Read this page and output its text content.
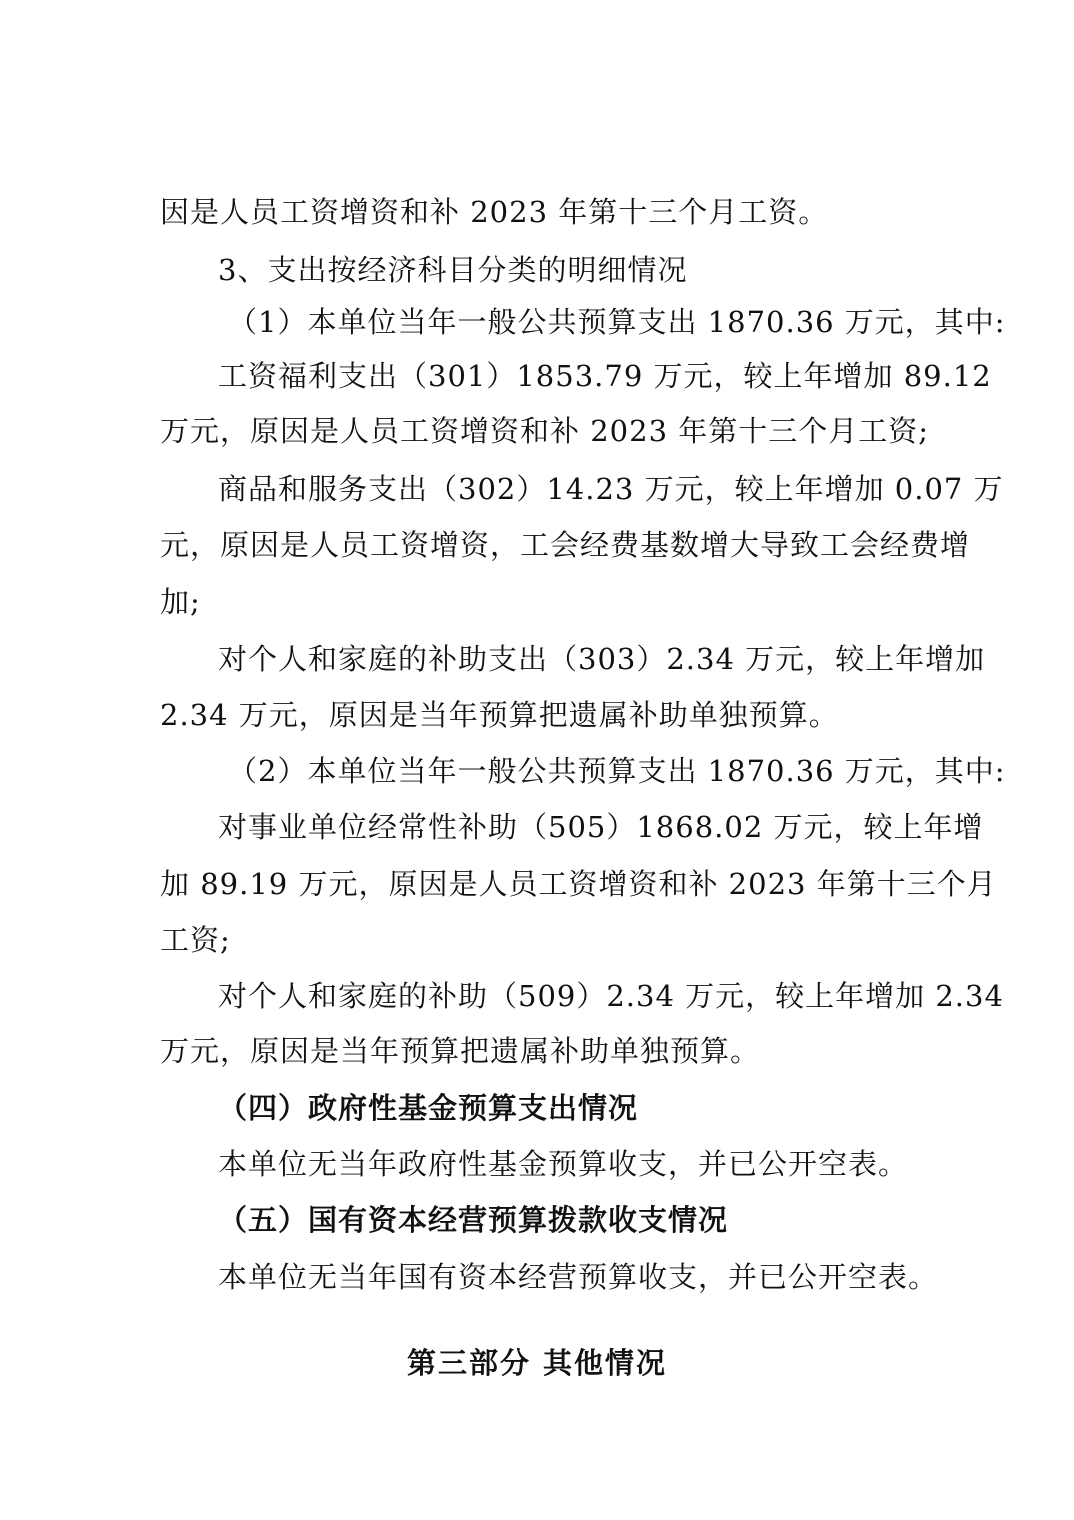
因是人员工资增资和补 2023 年第十三个月工资。
3、支出按经济科目分类的明细情况
（1）本单位当年一般公共预算支出 1870.36 万元，其中:
工资福利支出（301）1853.79 万元，较上年增加 89.12
万元，原因是人员工资增资和补 2023 年第十三个月工资;
商品和服务支出（302）14.23 万元，较上年增加 0.07 万
元，原因是人员工资增资，工会经费基数增大导致工会经费增
加;
对个人和家庭的补助支出（303）2.34 万元，较上年增加
2.34 万元，原因是当年预算把遗属补助单独预算。
（2）本单位当年一般公共预算支出 1870.36 万元，其中:
对事业单位经常性补助（505）1868.02 万元，较上年增
加 89.19 万元，原因是人员工资增资和补 2023 年第十三个月
工资;
对个人和家庭的补助（509）2.34 万元，较上年增加 2.34
万元，原因是当年预算把遗属补助单独预算。
（四）政府性基金预算支出情况
本单位无当年政府性基金预算收支，并已公开空表。
（五）国有资本经营预算拨款收支情况
本单位无当年国有资本经营预算收支，并已公开空表。
第三部分 其他情况
